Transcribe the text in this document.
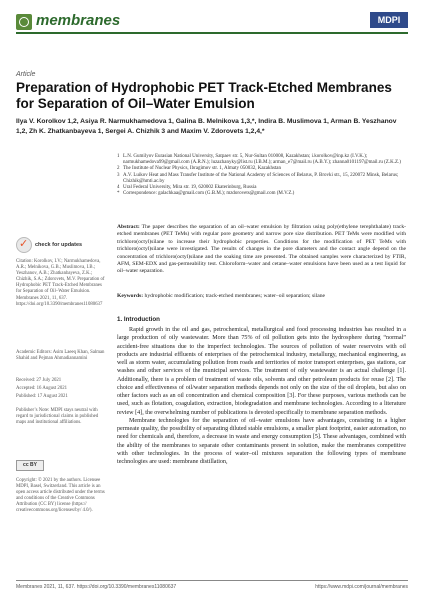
membranes	MDPI
Article
Preparation of Hydrophobic PET Track-Etched Membranes for Separation of Oil–Water Emulsion
Ilya V. Korolkov 1,2, Asiya R. Narmukhamedova 1, Galina B. Melnikova 1,3,*, Indira B. Muslimova 1, Arman B. Yeszhanov 1,2, Zh K. Zhatkanbayeva 1, Sergei A. Chizhik 3 and Maxim V. Zdorovets 1,2,4,*
1 L.N. Gumilyov Eurasian National University, Satpaev str. 5, Nur-Sultan 010008, Kazakhstan; i.korolkov@inp.kz (I.V.K.); narmukhamedova99@gmail.com (A.R.N.); luzazhanyky@list.ru (I.B.M.); arman_e7@mail.ru (A.B.Y.); zhanna0101197@mail.ru (Z.K.Z.)
2 The Institute of Nuclear Physics, Ibragimov str. 1, Almaty 050032, Kazakhstan
3 A.V. Luikov Heat and Mass Transfer Institute of the National Academy of Sciences of Belarus, P. Brovki str., 15, 220072 Minsk, Belarus; Chizhik@hmti.ac.by
4 Ural Federal University, Mira str. 19, 620002 Ekaterinburg, Russia
* Correspondence: galachkaa@gmail.com (G.B.M.); mzdorovets@gmail.com (M.V.Z.)
Abstract: The paper describes the separation of an oil–water emulsion by filtration using poly(ethylene terephthalate) track-etched membranes (PET TeMs) with regular pore geometry and narrow pore size distribution. PET TeMs were modified with trichloro(octyl)silane to increase their hydrophobic properties. Conditions for the modification of PET TeMs with trichloro(octyl)silane were investigated. The results of changes in the pore diameters and the contact angle depend on the concentration of trichloro(octyl)silane and the soaking time are presented. The obtained samples were characterized by FTIR, AFM, SEM-EDX and gas-permeability test. Chloroform–water and cetane–water emulsions have been used as a test liquid for oil–water separation.
Keywords: hydrophobic modification; track-etched membranes; water–oil separation; silane
✓
check for updates
Citation: Korolkov, I.V.; Narmukhamedova, A.R.; Melnikova, G.B.; Muslimova, I.B.; Yeszhanov, A.B.; Zhatkanbayeva, Z.K.; Chizhik, S.A.; Zdorovets, M.V. Preparation of Hydrophobic PET Track-Etched Membranes for Separation of Oil–Water Emulsion. Membranes 2021, 11, 637. https://doi.org/10.3390/membranes11080637
Academic Editors: Asim Laeeq Khan, Salman Shahid and Pejman Ahmadiannamini
Received: 27 July 2021
Accepted: 16 August 2021
Published: 17 August 2021
Publisher’s Note: MDPI stays neutral with regard to jurisdictional claims in published maps and institutional affiliations.
cc BY
Copyright: © 2021 by the authors. Licensee MDPI, Basel, Switzerland. This article is an open access article distributed under the terms and conditions of the Creative Commons Attribution (CC BY) license (https:// creativecommons.org/licenses/by/ 4.0/).
1. Introduction

Rapid growth in the oil and gas, petrochemical, metallurgical and food processing industries has resulted in a large production of oily wastewater. More than 75% of oil pollution gets into the hydrosphere during “normal” accident-free situations due to the imperfect technologies. The sources of pollution of water reservoirs with oil products are industrial effluents of enterprises of the petrochemical industry, metallurgy, mechanical engineering, as well as storm water, accumulating pollution from roads and territories of motor transport enterprises, gas stations, car washes and other services of the municipal services. The treatment of oily wastewater is an actual challenge [1]. Additionally, there is a problem of treatment of waste oils, solvents and other petroleum products for reuse [2]. The choice and effectiveness of oil/water separation methods depends not only on the size of the oil droplets, but also on other factors such as an oil concentration and chemical composition [3]. For these purposes, various methods can be used, such as flotation, coagulation, extraction, biodegradation and membrane technologies. According to a literature review [4], the overwhelming number of publications is devoted specifically to membrane separation methods.

Membrane technologies for the separation of oil–water emulsions have advantages, consisting in a higher permeate quality, the possibility of separating diluted stable emulsions, a smaller plant footprint, easier automation, no need for chemicals and, therefore, a decrease in waste and energy consumption [5]. These advantages, combined with the ability of the membranes to separate other contaminants present in solution, make the membranes competitive with other technologies. In the process of water–oil mixtures separation the following types of membrane technologies are used: membrane distillation,

Membranes 2021, 11, 637. https://doi.org/10.3390/membranes11080637	https://www.mdpi.com/journal/membranes
